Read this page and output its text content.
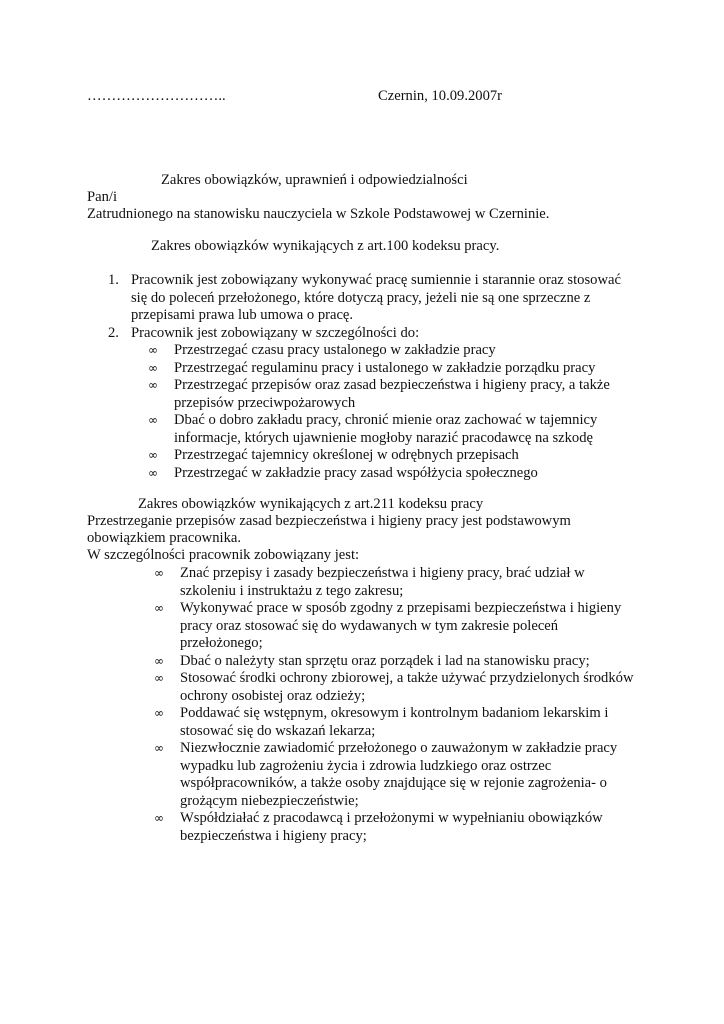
………………………..	Czernin, 10.09.2007r
Zakres obowiązków, uprawnień i odpowiedzialności
Pan/i
Zatrudnionego na stanowisku nauczyciela w Szkole Podstawowej w Czerninie.
Zakres obowiązków wynikających z art.100 kodeksu pracy.
1. Pracownik jest zobowiązany wykonywać pracę sumiennie i starannie oraz stosować
się do poleceń przełożonego, które dotyczą pracy, jeżeli nie są one sprzeczne z
przepisami prawa lub umowa o pracę.
2. Pracownik jest zobowiązany w szczególności do:
∞ Przestrzegać czasu pracy ustalonego w zakładzie pracy
∞ Przestrzegać regulaminu pracy i ustalonego w zakładzie porządku pracy
∞ Przestrzegać przepisów oraz zasad bezpieczeństwa i higieny pracy, a także
przepisów przeciwpożarowych
∞ Dbać o dobro zakładu pracy, chronić mienie oraz zachować w tajemnicy
informacje, których ujawnienie mogłoby narazić pracodawcę na szkodę
∞ Przestrzegać tajemnicy określonej w odrębnych przepisach
∞ Przestrzegać w zakładzie pracy zasad współżycia społecznego
Zakres obowiązków wynikających z art.211 kodeksu pracy
Przestrzeganie przepisów zasad bezpieczeństwa i higieny pracy jest podstawowym
obowiązkiem pracownika.
W szczególności pracownik zobowiązany jest:
∞ Znać przepisy i zasady bezpieczeństwa i higieny pracy, brać udział w
szkoleniu i instruktażu z tego zakresu;
∞ Wykonywać prace w sposób zgodny z przepisami bezpieczeństwa i higieny
pracy oraz stosować się do wydawanych w tym zakresie poleceń
przełożonego;
∞ Dbać o należyty stan sprzętu oraz porządek i lad na stanowisku pracy;
∞ Stosować środki ochrony zbiorowej, a także używać przydzielonych środków
ochrony osobistej oraz odzieży;
∞ Poddawać się wstępnym, okresowym i kontrolnym badaniom lekarskim i
stosować się do wskazań lekarza;
∞ Niezwłocznie zawiadomić przełożonego o zauważonym w zakładzie pracy
wypadku lub zagrożeniu życia i zdrowia ludzkiego oraz ostrzec
współpracowników, a także osoby znajdujące się w rejonie zagrożenia- o
grożącym niebezpieczeństwie;
∞ Współdziałać z pracodawcą i przełożonymi w wypełnianiu obowiązków
bezpieczeństwa i higieny pracy;
